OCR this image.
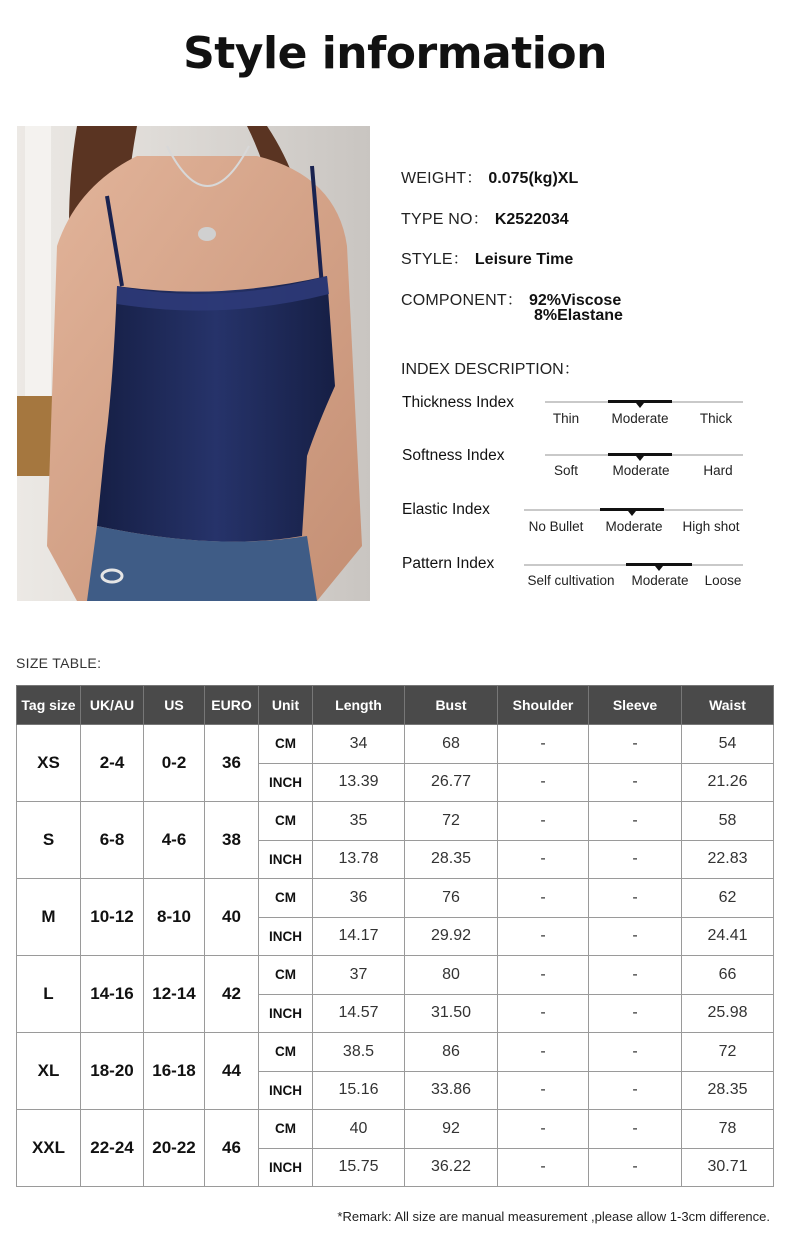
Style information
WEIGHT： 0.075(kg)XL
TYPE NO： K2522034
STYLE： Leisure Time
COMPONENT： 92%Viscose
8%Elastane
INDEX DESCRIPTION：
Thickness Index
Thin Moderate Thick
Softness Index
Soft	Moderate	Hard
Elastic Index
No Bullet Moderate High shot
Pattern Index
Self cultivation Moderate Loose
SIZE TABLE:
Tag size	UK/AU	US	EURO	Unit	Length	Bust	Shoulder	Sleeve	Waist
XS	2-4	0-2	36	CM	34	68	-	-	54
				INCH	13.39	26.77	-	-	21.26
S	6-8	4-6	38	CM	35	72	-	-	58
				INCH	13.78	28.35	-	-	22.83
M	10-12	8-10	40	CM	36	76	-	-	62
				INCH	14.17	29.92	-	-	24.41
L	14-16	12-14	42	CM	37	80	-	-	66
				INCH	14.57	31.50	-	-	25.98
XL	18-20	16-18	44	CM	38.5	86	-	-	72
				INCH	15.16	33.86	-	-	28.35
XXL	22-24	20-22	46	CM	40	92	-	-	78
				INCH	15.75	36.22	-	-	30.71
*Remark: All size are manual measurement ,please allow 1-3cm difference.
